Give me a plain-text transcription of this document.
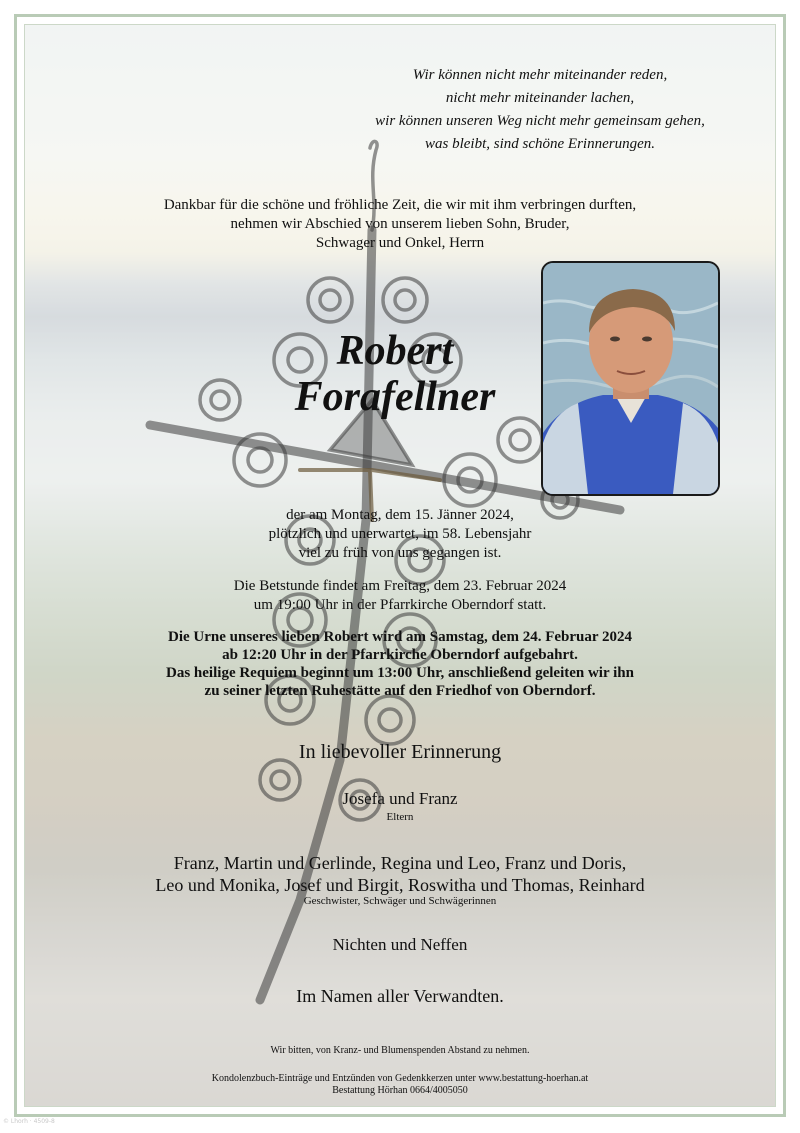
Wir können nicht mehr miteinander reden,
nicht mehr miteinander lachen,
wir können unseren Weg nicht mehr gemeinsam gehen,
was bleibt, sind schöne Erinnerungen.
Dankbar für die schöne und fröhliche Zeit, die wir mit ihm verbringen durften,
nehmen wir Abschied von unserem lieben Sohn, Bruder,
Schwager und Onkel, Herrn
Robert
Forafellner
der am Montag, dem 15. Jänner 2024,
plötzlich und unerwartet, im 58. Lebensjahr
viel zu früh von uns gegangen ist.
Die Betstunde findet am Freitag, dem 23. Februar 2024
um 19:00 Uhr in der Pfarrkirche Oberndorf statt.
Die Urne unseres lieben Robert wird am Samstag, dem 24. Februar 2024
ab 12:20 Uhr in der Pfarrkirche Oberndorf aufgebahrt.
Das heilige Requiem beginnt um 13:00 Uhr, anschließend geleiten wir ihn
zu seiner letzten Ruhestätte auf den Friedhof von Oberndorf.
In liebevoller Erinnerung
Josefa und Franz
Eltern
Franz, Martin und Gerlinde, Regina und Leo, Franz und Doris,
Leo und Monika, Josef und Birgit, Roswitha und Thomas, Reinhard
Geschwister, Schwäger und Schwägerinnen
Nichten und Neffen
Im Namen aller Verwandten.
Wir bitten, von Kranz- und Blumenspenden Abstand zu nehmen.
Kondolenzbuch-Einträge und Entzünden von Gedenkkerzen unter www.bestattung-hoerhan.at
Bestattung Hörhan 0664/4005050
© Lhorh · 4509-8
